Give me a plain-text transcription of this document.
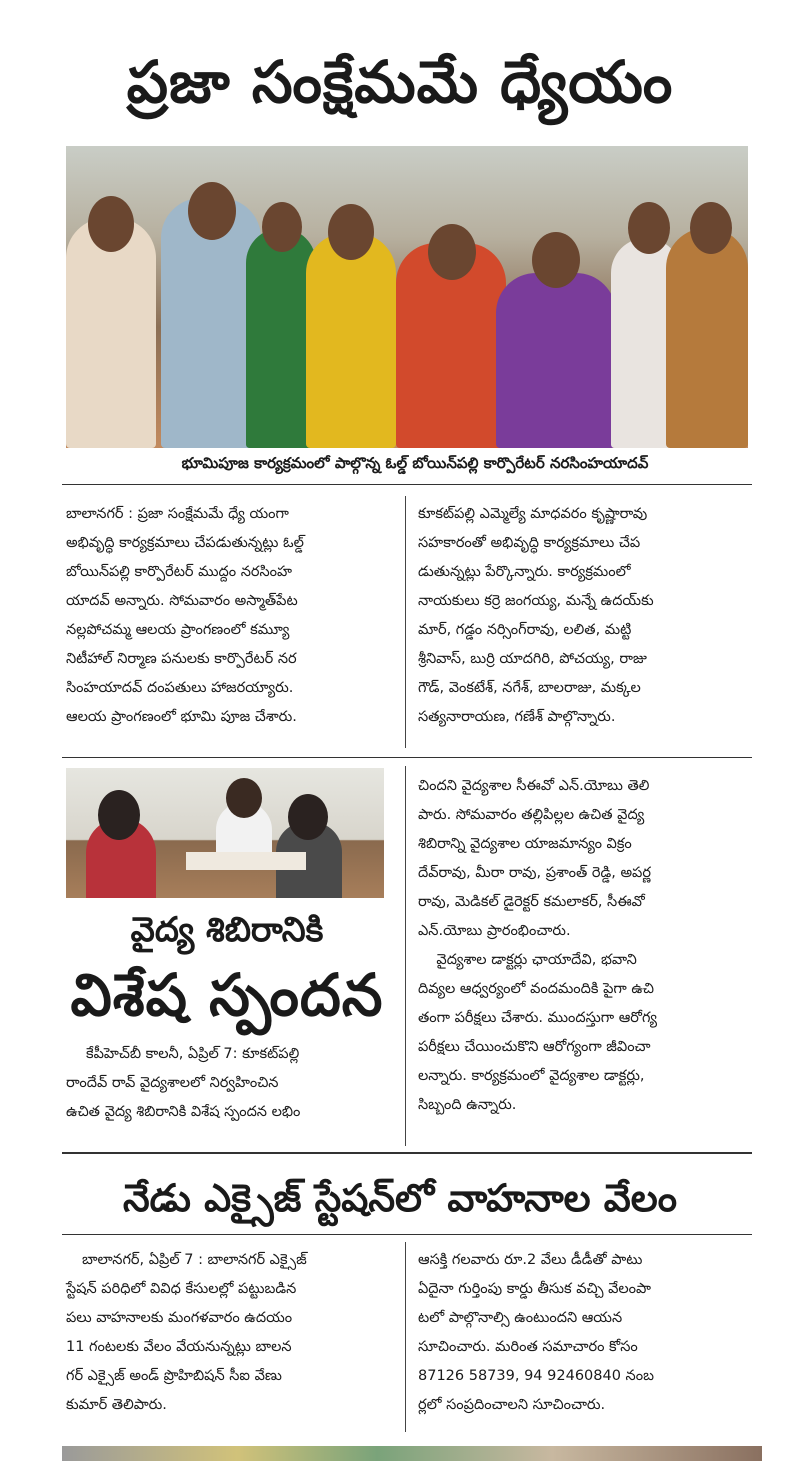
ప్రజా సంక్షేమమే ధ్యేయం
భూమిపూజ కార్యక్రమంలో పాల్గొన్న ఓల్డ్ బోయిన్‌పల్లి కార్పొరేటర్ నరసింహయాదవ్

బాలానగర్ : ప్రజా సంక్షేమమే ధ్యే యంగా

అభివృద్ధి కార్యక్రమాలు చేపడుతున్నట్లు ఓల్డ్

బోయిన్‌పల్లి కార్పొరేటర్ ముద్దం నరసింహ

యాదవ్ అన్నారు. సోమవారం అస్మాత్‌పేట

నల్లపోచమ్మ ఆలయ ప్రాంగణంలో కమ్యూ

నిటీహాల్ నిర్మాణ పనులకు కార్పొరేటర్ నర

సింహయాదవ్ దంపతులు హాజరయ్యారు.

ఆలయ ప్రాంగణంలో భూమి పూజ చేశారు.

కూకట్‌పల్లి ఎమ్మెల్యే మాధవరం కృష్ణారావు

సహకారంతో అభివృద్ధి కార్యక్రమాలు చేప

డుతున్నట్లు పేర్కొన్నారు. కార్యక్రమంలో

నాయకులు కర్రె జంగయ్య, మన్నే ఉదయ్‌కు

మార్, గడ్డం నర్సింగ్‌రావు, లలిత, మట్టి

శ్రీనివాస్, బుర్రి యాదగిరి, పోచయ్య, రాజు

గౌడ్, వెంకటేశ్, నగేశ్, బాలరాజు, మక్కల

సత్యనారాయణ, గణేశ్ పాల్గొన్నారు.

వైద్య శిబిరానికి
విశేష స్పందన

కేపీహెచ్‌బీ కాలనీ, ఏప్రిల్ 7: కూకట్‌పల్లి

రాందేవ్ రావ్ వైద్యశాలలో నిర్వహించిన

ఉచిత వైద్య శిబిరానికి విశేష స్పందన లభిం

చిందని వైద్యశాల సీఈవో ఎన్.యోబు తెలి

పారు. సోమవారం తల్లిపిల్లల ఉచిత వైద్య

శిబిరాన్ని వైద్యశాల యాజమాన్యం విక్రం

దేవ్‌రావు, మీరా రావు, ప్రశాంత్ రెడ్డి, అపర్ణ

రావు, మెడికల్ డైరెక్టర్ కమలాకర్, సీఈవో

ఎన్.యోబు ప్రారంభించారు.

వైద్యశాల డాక్టర్లు ఛాయాదేవి, భవాని

దివ్యల ఆధ్వర్యంలో వందమందికి పైగా ఉచి

తంగా పరీక్షలు చేశారు. ముందస్తుగా ఆరోగ్య

పరీక్షలు చేయించుకొని ఆరోగ్యంగా జీవించా

లన్నారు. కార్యక్రమంలో వైద్యశాల డాక్టర్లు,

సిబ్బంది ఉన్నారు.

నేడు ఎక్సైజ్ స్టేషన్‌లో వాహనాల వేలం

బాలానగర్, ఏప్రిల్ 7 : బాలానగర్ ఎక్సైజ్

స్టేషన్ పరిధిలో వివిధ కేసులల్లో పట్టుబడిన

పలు వాహనాలకు మంగళవారం ఉదయం

11 గంటలకు వేలం వేయనున్నట్లు బాలన

గర్ ఎక్సైజ్ అండ్ ప్రొహిబిషన్ సీఐ వేణు

కుమార్ తెలిపారు.

ఆసక్తి గలవారు రూ.2 వేలు డీడీతో పాటు

ఏదైనా గుర్తింపు కార్డు తీసుక వచ్చి వేలంపా

టలో పాల్గొనాల్సి ఉంటుందని ఆయన

సూచించారు. మరింత సమాచారం కోసం

87126 58739, 94 92460840 నంబ

ర్లలో సంప్రదించాలని సూచించారు.
